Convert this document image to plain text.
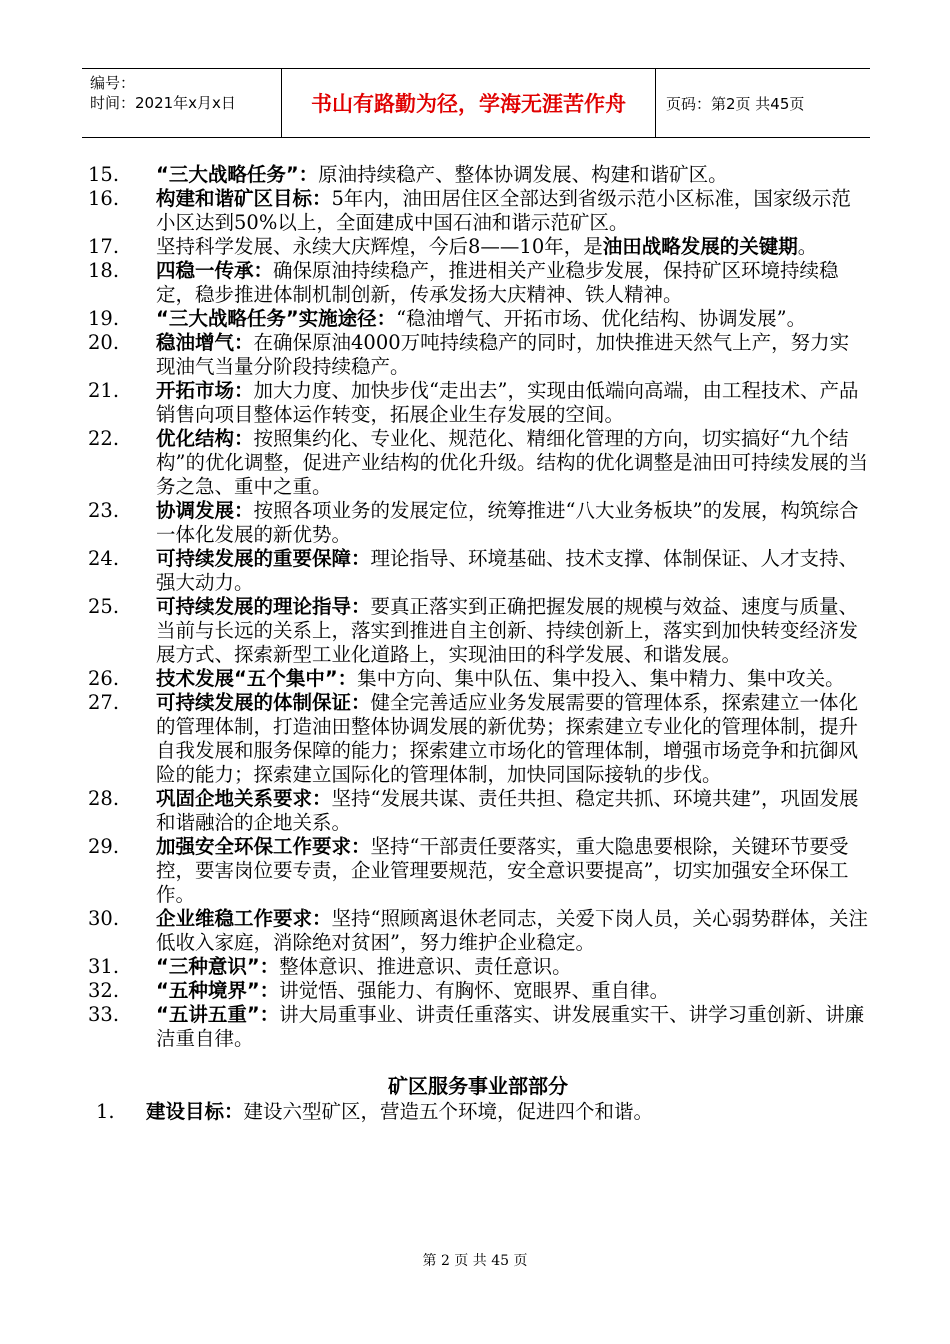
编号：
时间：2021年x月x日	书山有路勤为径，学海无涯苦作舟	页码：第2页 共45页
15.	“三大战略任务”：原油持续稳产、整体协调发展、构建和谐矿区。
16.	构建和谐矿区目标：5年内，油田居住区全部达到省级示范小区标准，国家级示范小区达到50%以上，全面建成中国石油和谐示范矿区。
17.	坚持科学发展、永续大庆辉煌，今后8——10年，是油田战略发展的关键期。
18.	四稳一传承：确保原油持续稳产，推进相关产业稳步发展，保持矿区环境持续稳定，稳步推进体制机制创新，传承发扬大庆精神、铁人精神。
19.	“三大战略任务”实施途径：“稳油增气、开拓市场、优化结构、协调发展”。
20.	稳油增气：在确保原油4000万吨持续稳产的同时，加快推进天然气上产，努力实现油气当量分阶段持续稳产。
21.	开拓市场：加大力度、加快步伐“走出去”，实现由低端向高端，由工程技术、产品销售向项目整体运作转变，拓展企业生存发展的空间。
22.	优化结构：按照集约化、专业化、规范化、精细化管理的方向，切实搞好“九个结构”的优化调整，促进产业结构的优化升级。结构的优化调整是油田可持续发展的当务之急、重中之重。
23.	协调发展：按照各项业务的发展定位，统筹推进“八大业务板块”的发展，构筑综合一体化发展的新优势。
24.	可持续发展的重要保障：理论指导、环境基础、技术支撑、体制保证、人才支持、强大动力。
25.	可持续发展的理论指导：要真正落实到正确把握发展的规模与效益、速度与质量、当前与长远的关系上，落实到推进自主创新、持续创新上，落实到加快转变经济发展方式、探索新型工业化道路上，实现油田的科学发展、和谐发展。
26.	技术发展“五个集中”：集中方向、集中队伍、集中投入、集中精力、集中攻关。
27.	可持续发展的体制保证：健全完善适应业务发展需要的管理体系，探索建立一体化的管理体制，打造油田整体协调发展的新优势；探索建立专业化的管理体制，提升自我发展和服务保障的能力；探索建立市场化的管理体制，增强市场竞争和抗御风险的能力；探索建立国际化的管理体制，加快同国际接轨的步伐。
28.	巩固企地关系要求：坚持“发展共谋、责任共担、稳定共抓、环境共建”，巩固发展和谐融洽的企地关系。
29.	加强安全环保工作要求：坚持“干部责任要落实，重大隐患要根除，关键环节要受控，要害岗位要专责，企业管理要规范，安全意识要提高”，切实加强安全环保工作。
30.	企业维稳工作要求：坚持“照顾离退休老同志，关爱下岗人员，关心弱势群体，关注低收入家庭，消除绝对贫困”，努力维护企业稳定。
31.	“三种意识”：整体意识、推进意识、责任意识。
32.	“五种境界”：讲觉悟、强能力、有胸怀、宽眼界、重自律。
33.	“五讲五重”：讲大局重事业、讲责任重落实、讲发展重实干、讲学习重创新、讲廉洁重自律。
矿区服务事业部部分
1.	建设目标：建设六型矿区，营造五个环境，促进四个和谐。
第 2 页 共 45 页
